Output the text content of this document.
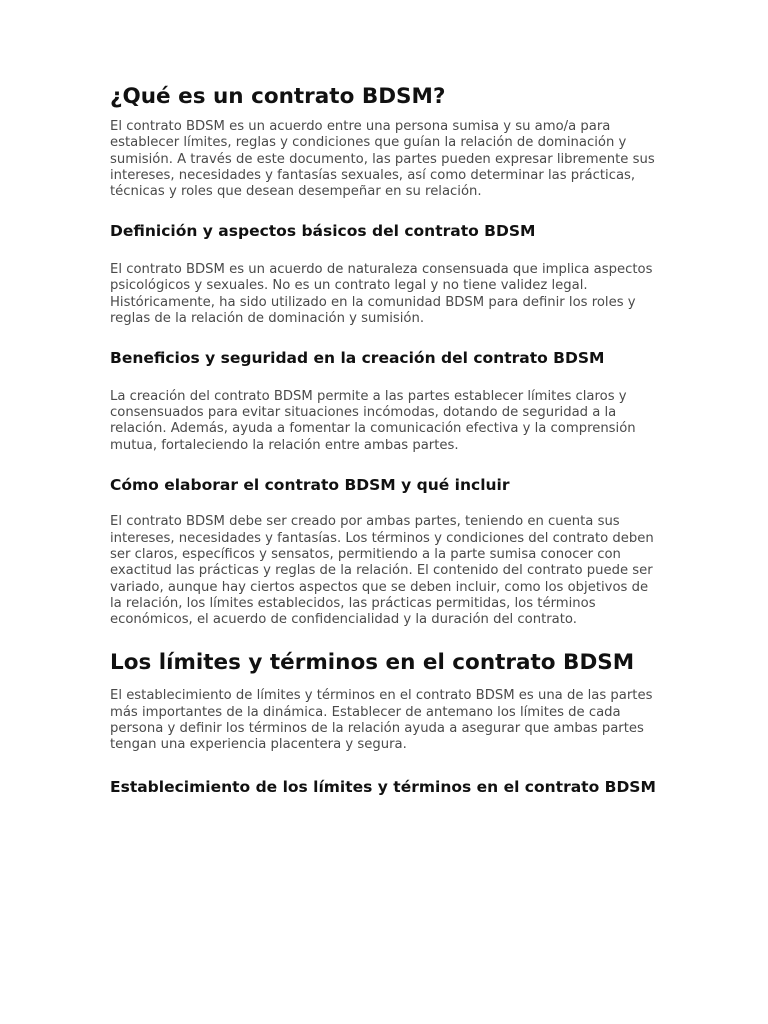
¿Qué es un contrato BDSM?

El contrato BDSM es un acuerdo entre una persona sumisa y su amo/a para establecer límites, reglas y condiciones que guían la relación de dominación y sumisión. A través de este documento, las partes pueden expresar libremente sus intereses, necesidades y fantasías sexuales, así como determinar las prácticas, técnicas y roles que desean desempeñar en su relación.

Definición y aspectos básicos del contrato BDSM

El contrato BDSM es un acuerdo de naturaleza consensuada que implica aspectos psicológicos y sexuales. No es un contrato legal y no tiene validez legal. Históricamente, ha sido utilizado en la comunidad BDSM para definir los roles y reglas de la relación de dominación y sumisión.

Beneficios y seguridad en la creación del contrato BDSM

La creación del contrato BDSM permite a las partes establecer límites claros y consensuados para evitar situaciones incómodas, dotando de seguridad a la relación. Además, ayuda a fomentar la comunicación efectiva y la comprensión mutua, fortaleciendo la relación entre ambas partes.

Cómo elaborar el contrato BDSM y qué incluir

El contrato BDSM debe ser creado por ambas partes, teniendo en cuenta sus intereses, necesidades y fantasías. Los términos y condiciones del contrato deben ser claros, específicos y sensatos, permitiendo a la parte sumisa conocer con exactitud las prácticas y reglas de la relación. El contenido del contrato puede ser variado, aunque hay ciertos aspectos que se deben incluir, como los objetivos de la relación, los límites establecidos, las prácticas permitidas, los términos económicos, el acuerdo de confidencialidad y la duración del contrato.

Los límites y términos en el contrato BDSM

El establecimiento de límites y términos en el contrato BDSM es una de las partes más importantes de la dinámica. Establecer de antemano los límites de cada persona y definir los términos de la relación ayuda a asegurar que ambas partes tengan una experiencia placentera y segura.

Establecimiento de los límites y términos en el contrato BDSM
